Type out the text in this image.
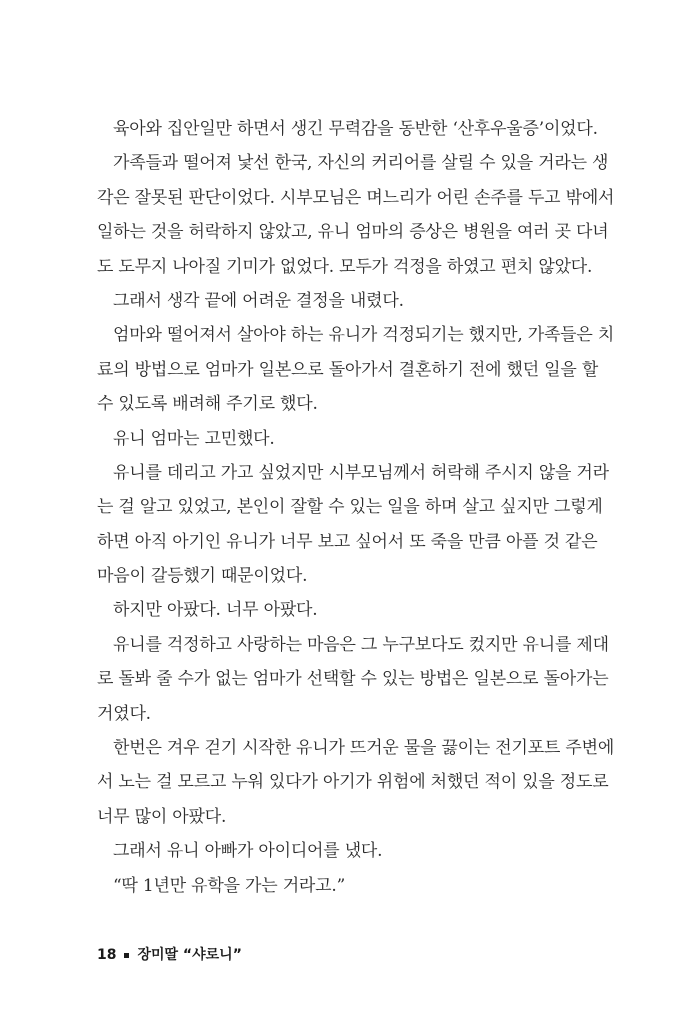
육아와 집안일만 하면서 생긴 무력감을 동반한 ‘산후우울증’이었다.
가족들과 떨어져 낯선 한국, 자신의 커리어를 살릴 수 있을 거라는 생
각은 잘못된 판단이었다. 시부모님은 며느리가 어린 손주를 두고 밖에서
일하는 것을 허락하지 않았고, 유니 엄마의 증상은 병원을 여러 곳 다녀
도 도무지 나아질 기미가 없었다. 모두가 걱정을 하였고 편치 않았다.
그래서 생각 끝에 어려운 결정을 내렸다.
엄마와 떨어져서 살아야 하는 유니가 걱정되기는 했지만, 가족들은 치
료의 방법으로 엄마가 일본으로 돌아가서 결혼하기 전에 했던 일을 할
수 있도록 배려해 주기로 했다.
유니 엄마는 고민했다.
유니를 데리고 가고 싶었지만 시부모님께서 허락해 주시지 않을 거라
는 걸 알고 있었고, 본인이 잘할 수 있는 일을 하며 살고 싶지만 그렇게
하면 아직 아기인 유니가 너무 보고 싶어서 또 죽을 만큼 아플 것 같은
마음이 갈등했기 때문이었다.
하지만 아팠다. 너무 아팠다.
유니를 걱정하고 사랑하는 마음은 그 누구보다도 컸지만 유니를 제대
로 돌봐 줄 수가 없는 엄마가 선택할 수 있는 방법은 일본으로 돌아가는
거였다.
한번은 겨우 걷기 시작한 유니가 뜨거운 물을 끓이는 전기포트 주변에
서 노는 걸 모르고 누워 있다가 아기가 위험에 처했던 적이 있을 정도로
너무 많이 아팠다.
그래서 유니 아빠가 아이디어를 냈다.
“딱 1년만 유학을 가는 거라고.”
18 장미딸 “샤로니”
